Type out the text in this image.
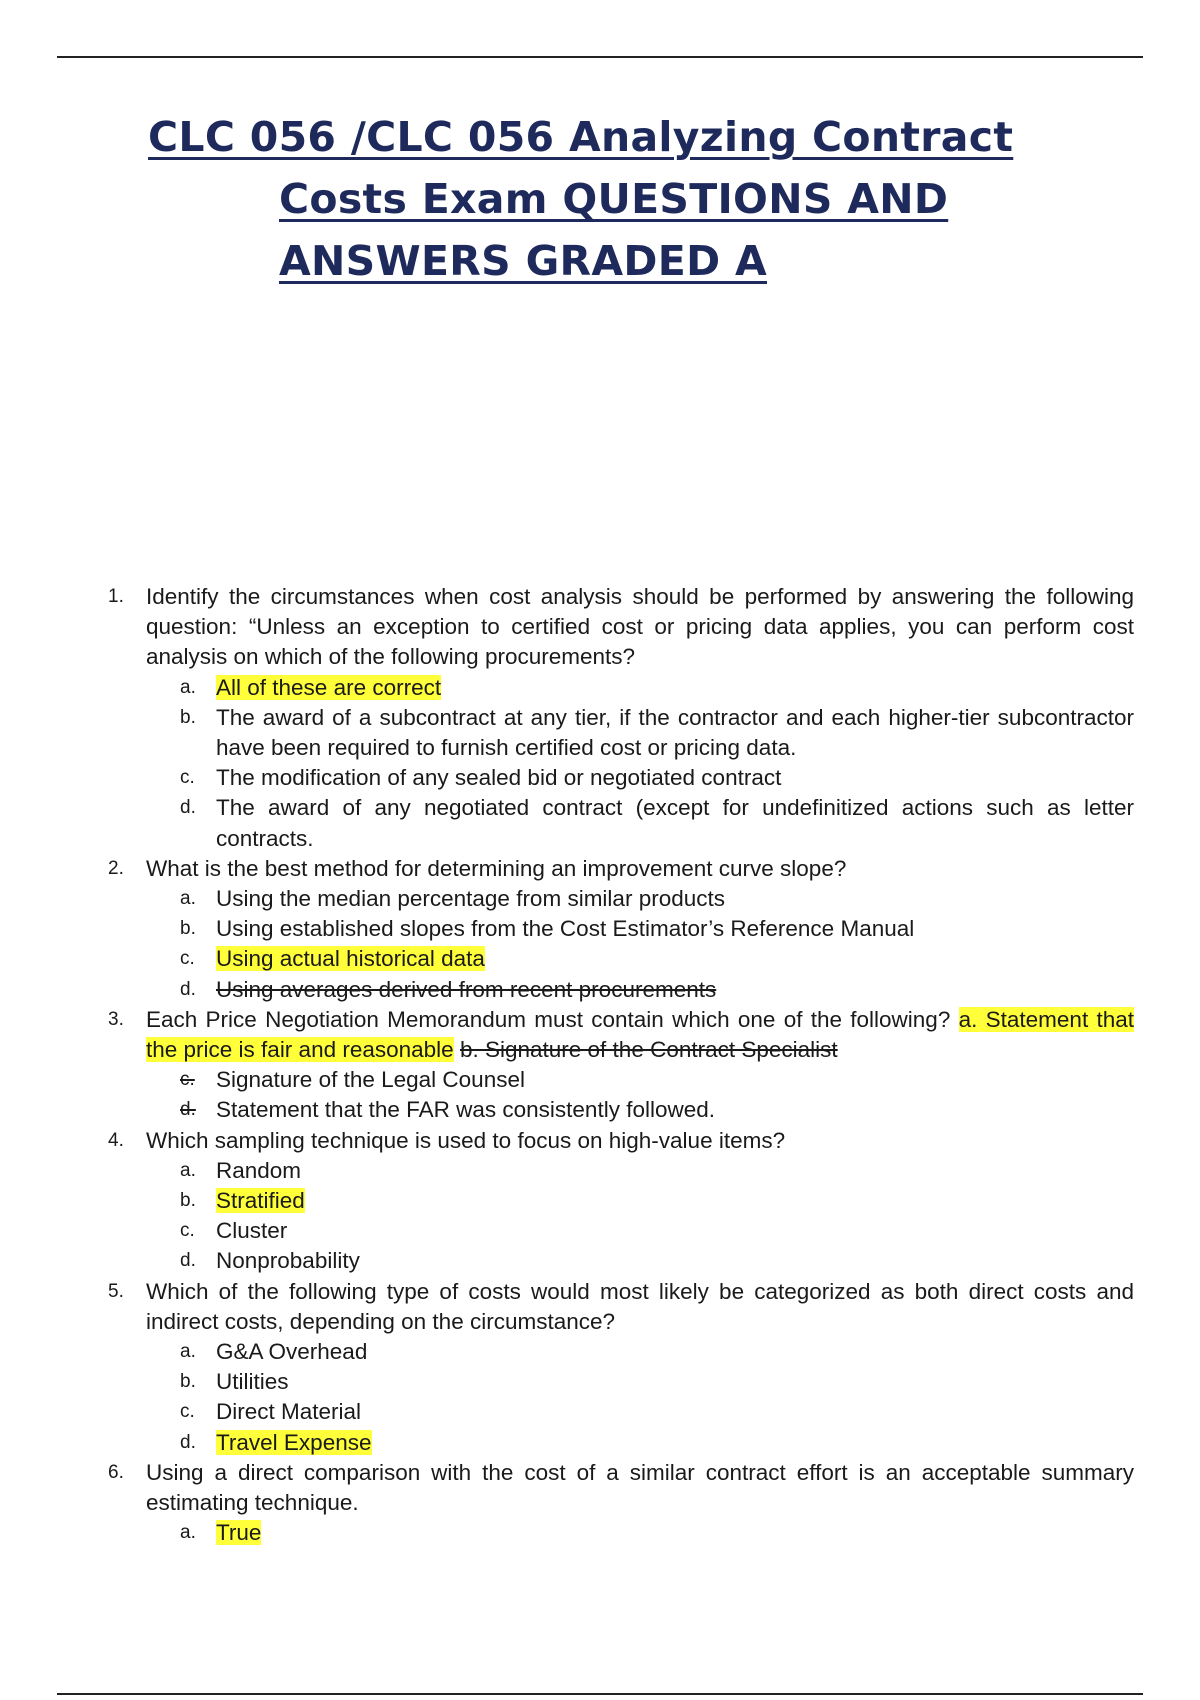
CLC 056 /CLC 056 Analyzing Contract
Costs Exam QUESTIONS AND
ANSWERS GRADED A
1. Identify the circumstances when cost analysis should be performed by answering the following question: “Unless an exception to certified cost or pricing data applies, you can perform cost analysis on which of the following procurements?
a. All of these are correct
b. The award of a subcontract at any tier, if the contractor and each higher-tier subcontractor have been required to furnish certified cost or pricing data.
c. The modification of any sealed bid or negotiated contract
d. The award of any negotiated contract (except for undefinitized actions such as letter contracts.
2. What is the best method for determining an improvement curve slope?
a. Using the median percentage from similar products
b. Using established slopes from the Cost Estimator’s Reference Manual
c. Using actual historical data
d. Using averages derived from recent procurements
3. Each Price Negotiation Memorandum must contain which one of the following? a. Statement that the price is fair and reasonable b. Signature of the Contract Specialist
c. Signature of the Legal Counsel
d. Statement that the FAR was consistently followed.
4. Which sampling technique is used to focus on high-value items?
a. Random
b. Stratified
c. Cluster
d. Nonprobability
5. Which of the following type of costs would most likely be categorized as both direct costs and indirect costs, depending on the circumstance?
a. G&A Overhead
b. Utilities
c. Direct Material
d. Travel Expense
6. Using a direct comparison with the cost of a similar contract effort is an acceptable summary estimating technique.
a. True
